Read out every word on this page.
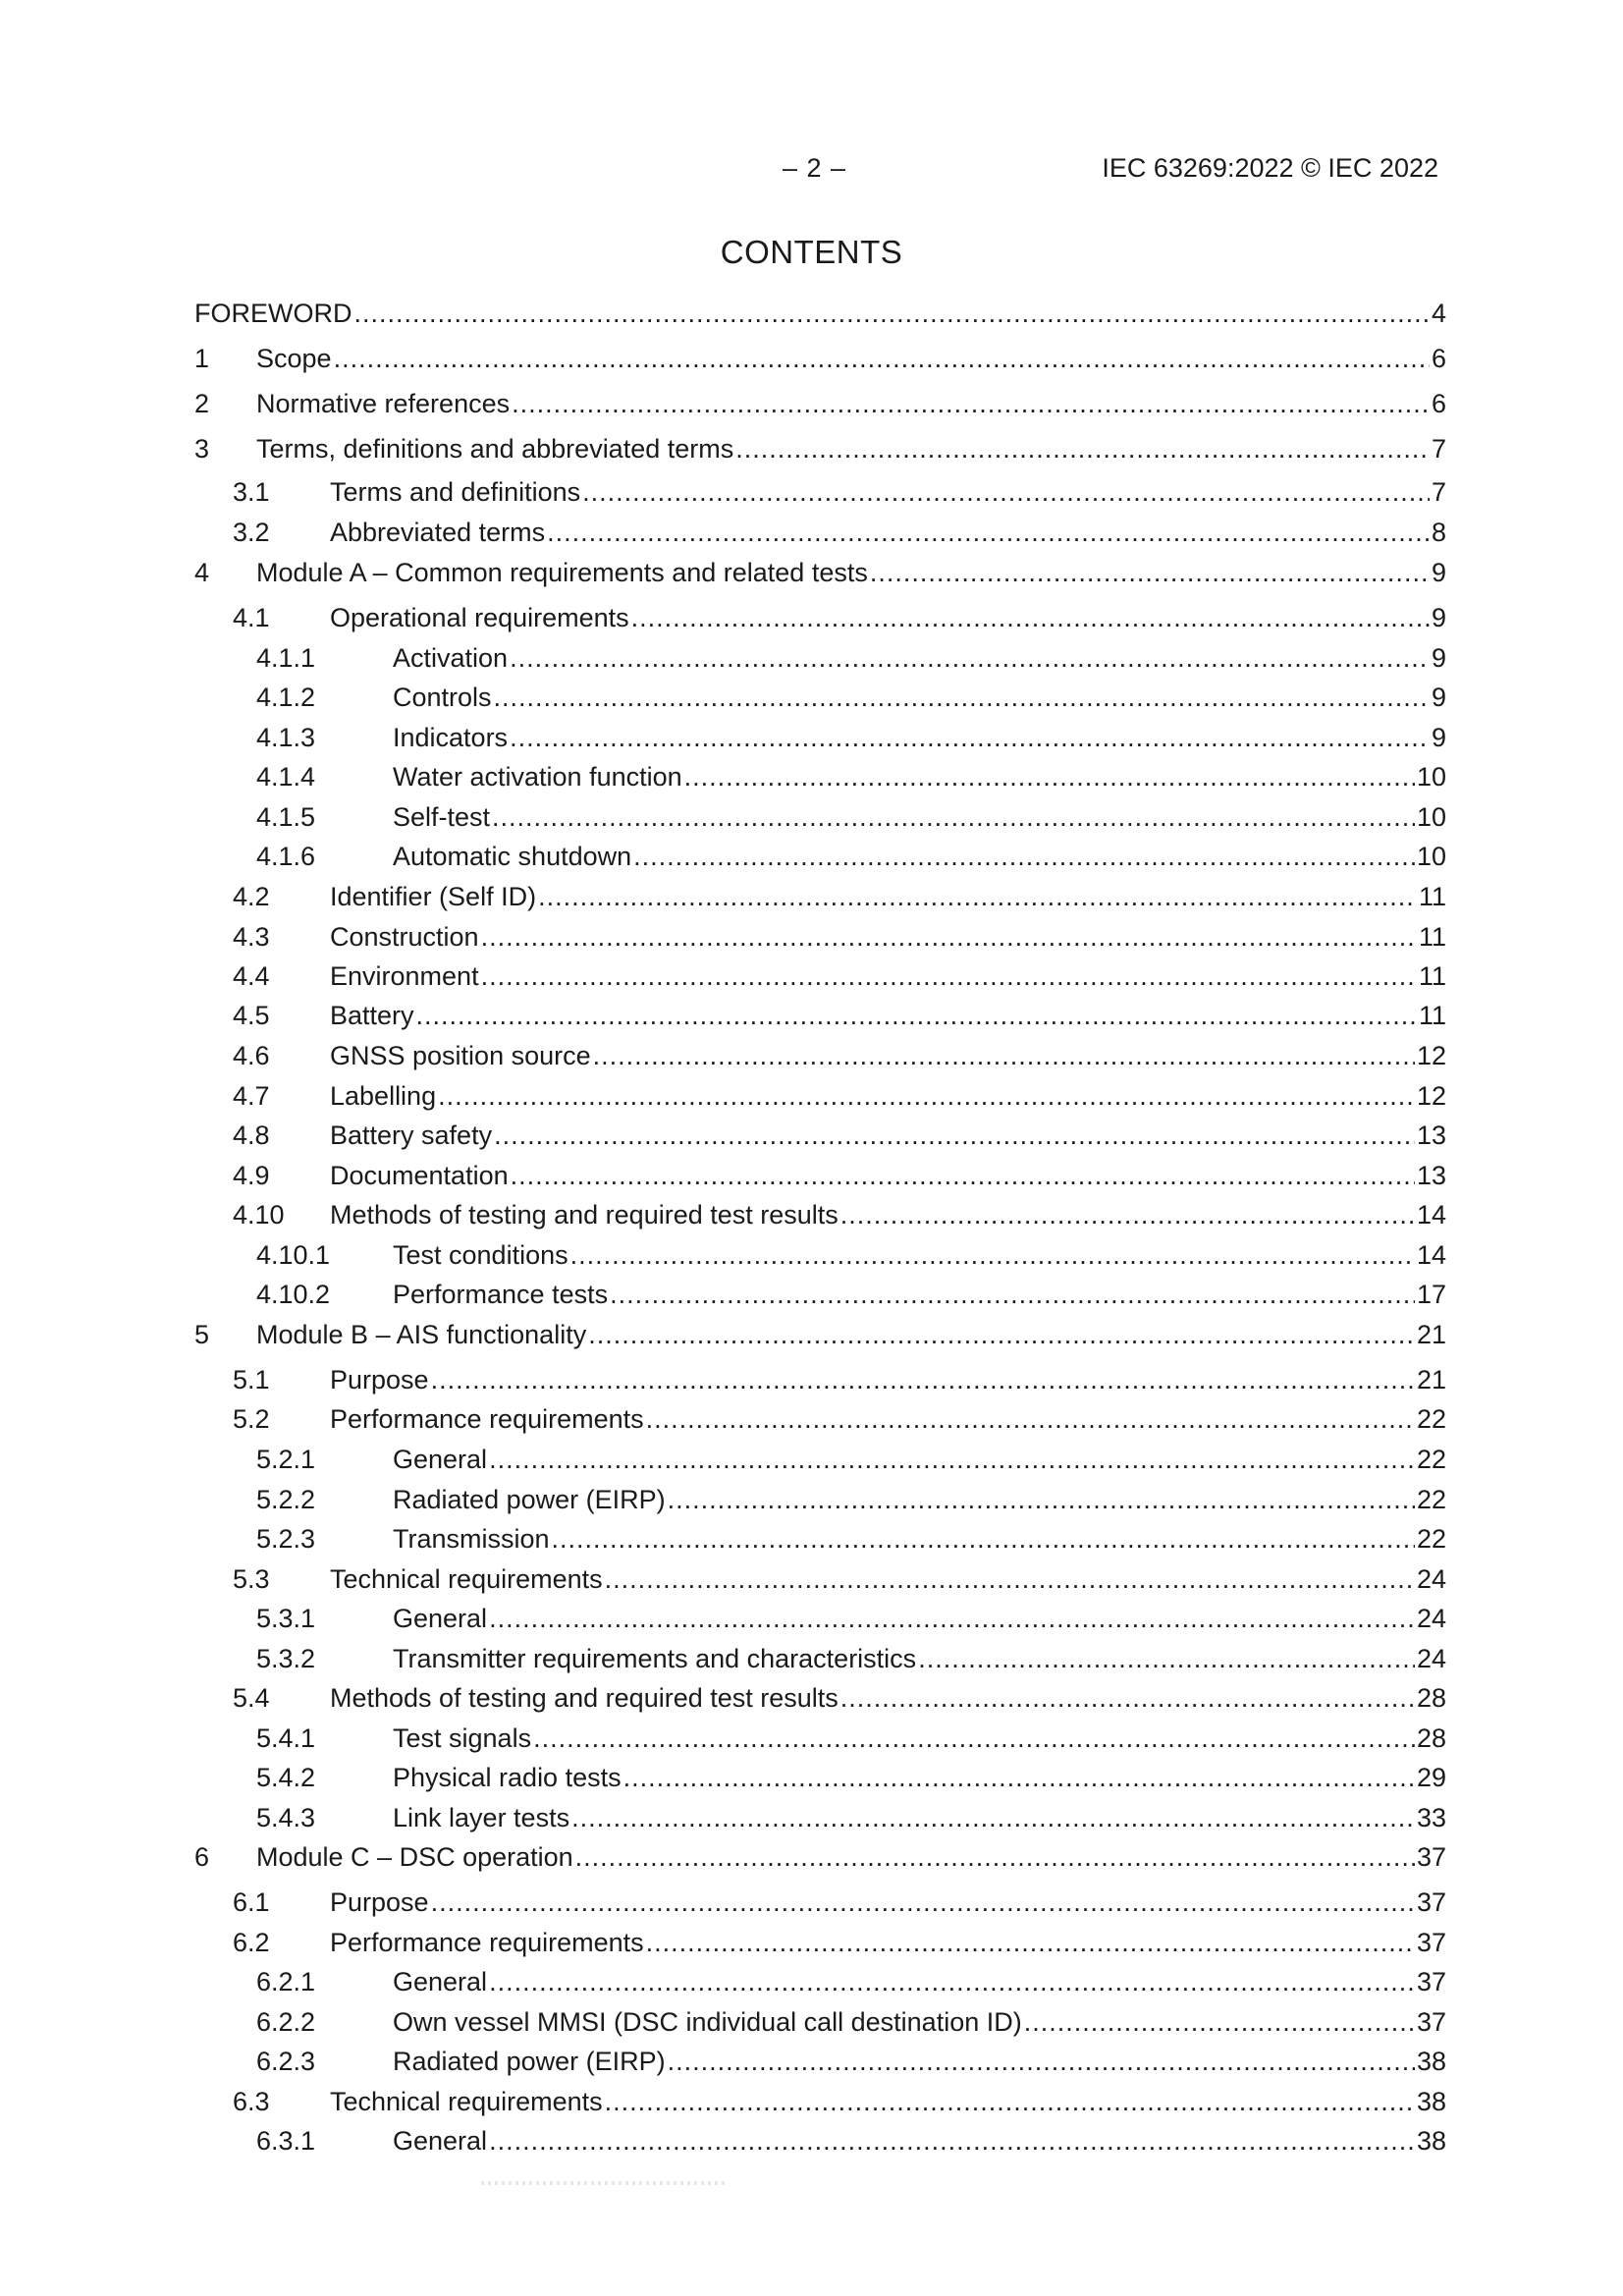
– 2 –	IEC 63269:2022 © IEC 2022
CONTENTS
FOREWORD .....	4
1 Scope .....	6
2 Normative references .....	6
3 Terms, definitions and abbreviated terms .....	7
3.1 Terms and definitions .....	7
3.2 Abbreviated terms .....	8
4 Module A – Common requirements and related tests .....	9
4.1 Operational requirements .....	9
4.1.1	Activation .....	9
4.1.2	Controls .....	9
4.1.3	Indicators .....	9
4.1.4	Water activation function .....	10
4.1.5	Self-test .....	10
4.1.6	Automatic shutdown .....	10
4.2 Identifier (Self ID) .....	11
4.3 Construction .....	11
4.4 Environment .....	11
4.5 Battery .....	11
4.6 GNSS position source .....	12
4.7 Labelling .....	12
4.8 Battery safety .....	13
4.9 Documentation .....	13
4.10 Methods of testing and required test results .....	14
4.10.1 Test conditions .....	14
4.10.2 Performance tests .....	17
5 Module B – AIS functionality .....	21
5.1 Purpose .....	21
5.2 Performance requirements .....	22
5.2.1	General .....	22
5.2.2	Radiated power (EIRP) .....	22
5.2.3	Transmission .....	22
5.3 Technical requirements .....	24
5.3.1	General .....	24
5.3.2	Transmitter requirements and characteristics .....	24
5.4 Methods of testing and required test results .....	28
5.4.1	Test signals .....	28
5.4.2	Physical radio tests .....	29
5.4.3	Link layer tests .....	33
6 Module C – DSC operation .....	37
6.1 Purpose .....	37
6.2 Performance requirements .....	37
6.2.1	General .....	37
6.2.2	Own vessel MMSI (DSC individual call destination ID) .....	37
6.2.3	Radiated power (EIRP) .....	38
6.3 Technical requirements .....	38
6.3.1	General .....	38
